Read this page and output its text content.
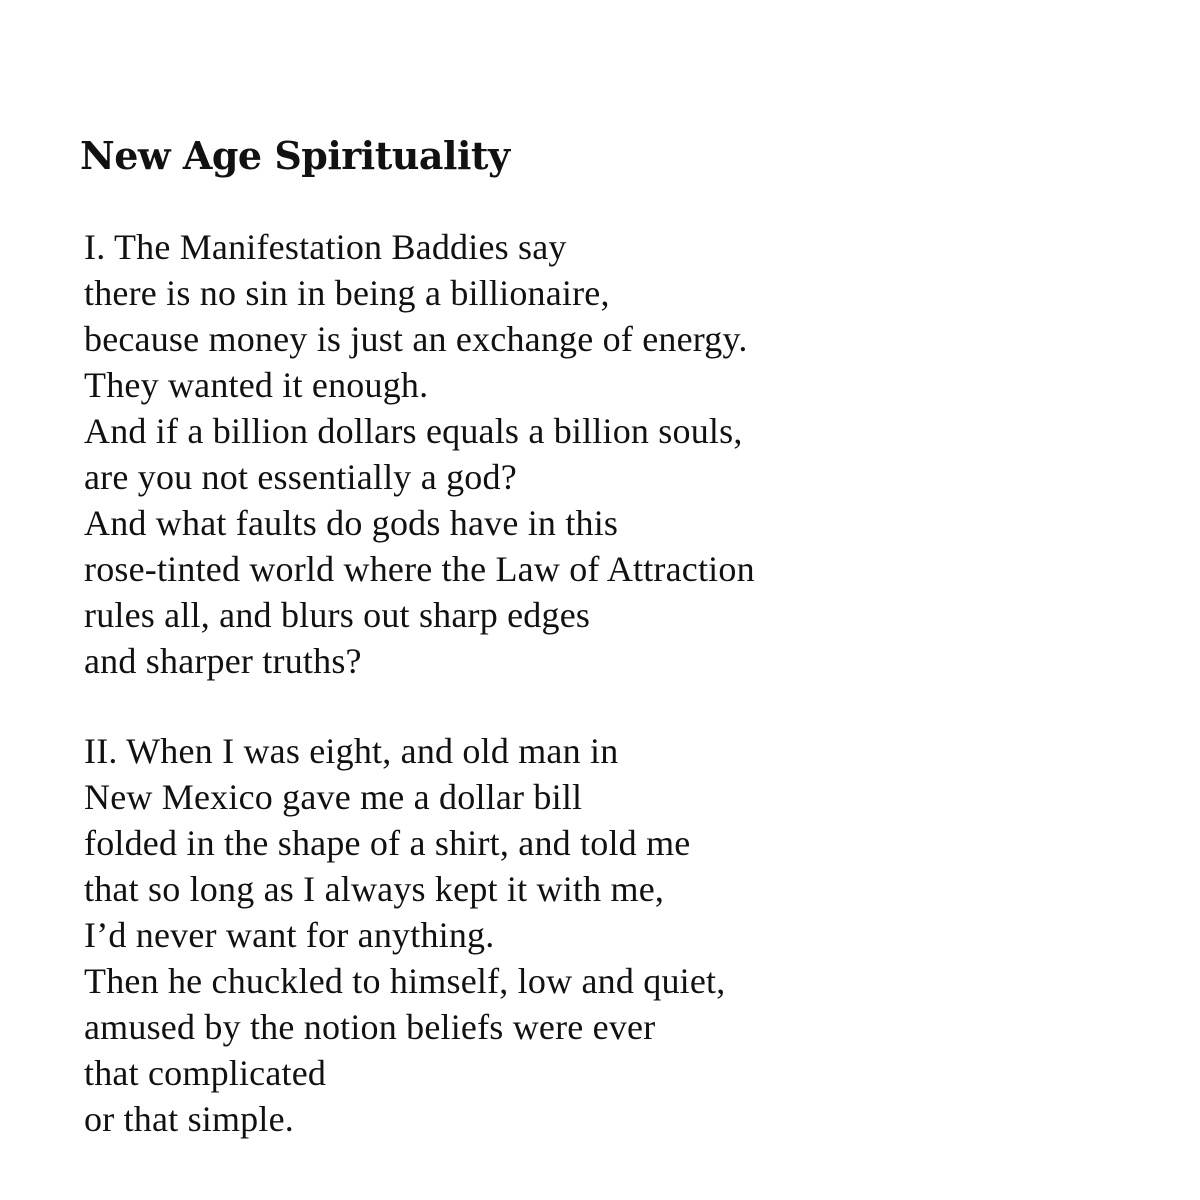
New Age Spirituality
I. The Manifestation Baddies say
there is no sin in being a billionaire,
because money is just an exchange of energy.
They wanted it enough.
And if a billion dollars equals a billion souls,
are you not essentially a god?
And what faults do gods have in this
rose-tinted world where the Law of Attraction
rules all, and blurs out sharp edges
and sharper truths?
II. When I was eight, and old man in
New Mexico gave me a dollar bill
folded in the shape of a shirt, and told me
that so long as I always kept it with me,
I’d never want for anything.
Then he chuckled to himself, low and quiet,
amused by the notion beliefs were ever
that complicated
or that simple.
